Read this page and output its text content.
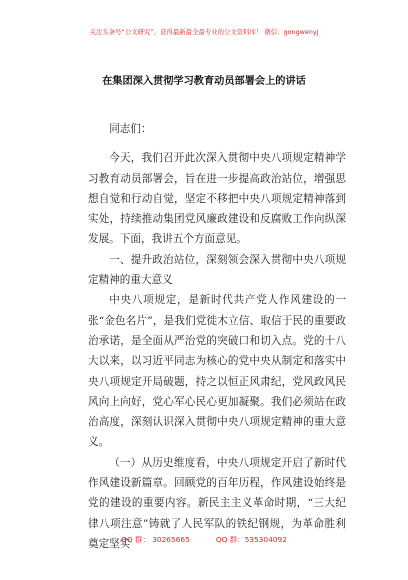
关注头条号“公文研究”，获得最新最全最专业的公文资料库！ 微信：gongwenyj
在集团深入贯彻学习教育动员部署会上的讲话

同志们：

今天，我们召开此次深入贯彻中央八项规定精神学习教育动员部署会，旨在进一步提高政治站位，增强思想自觉和行动自觉，坚定不移把中央八项规定精神落到实处，持续推动集团党风廉政建设和反腐败工作向纵深发展。下面，我讲五个方面意见。

一、提升政治站位，深刻领会深入贯彻中央八项规定精神的重大意义

中央八项规定，是新时代共产党人作风建设的一张“金色名片”，是我们党徙木立信、取信于民的重要政治承诺，是全面从严治党的突破口和切入点。党的十八大以来，以习近平同志为核心的党中央从制定和落实中央八项规定开局破题，持之以恒正风肃纪，党风政风民风向上向好，党心军心民心更加凝聚。我们必须站在政治高度，深刻认识深入贯彻中央八项规定精神的重大意义。

（一）从历史维度看，中央八项规定开启了新时代作风建设新篇章。回顾党的百年历程，作风建设始终是党的建设的重要内容。新民主主义革命时期，“三大纪律八项注意”铸就了人民军队的铁纪钢规，为革命胜利奠定坚实

QQ 群： 30265665	QQ 群：535304092
